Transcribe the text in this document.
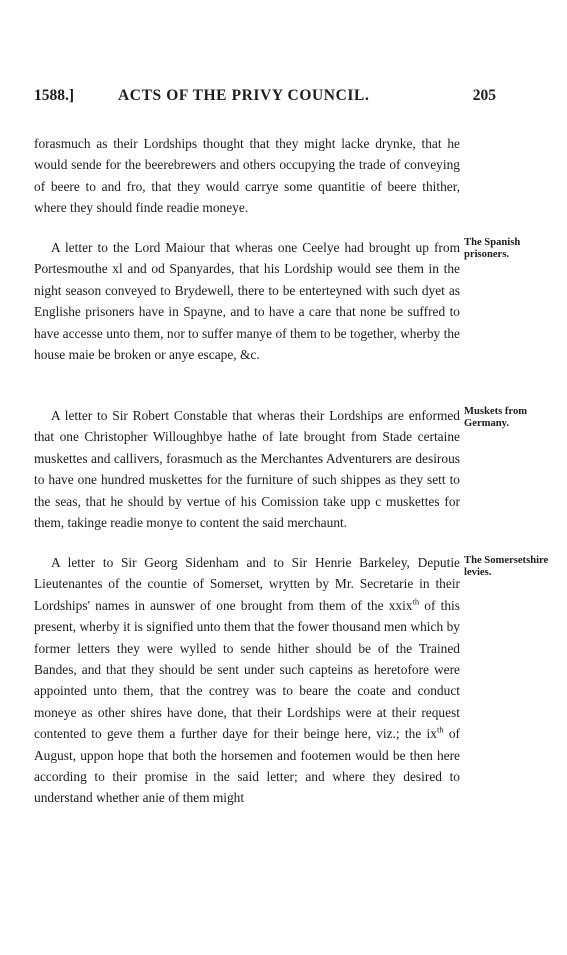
1588.]	ACTS OF THE PRIVY COUNCIL.	205

forasmuch as their Lordships thought that they might lacke drynke, that he would sende for the beerebrewers and others occupying the trade of conveying of beere to and fro, that they would carrye some quantitie of beere thither, where they should finde readie moneye.

A letter to the Lord Maiour that wheras one Ceelye had brought up from Portesmouthe xl and od Spanyardes, that his Lordship would see them in the night season conveyed to Brydewell, there to be enterteyned with such dyet as Englishe prisoners have in Spayne, and to have a care that none be suffred to have accesse unto them, nor to suffer manye of them to be together, wherby the house maie be broken or anye escape, &c.

A letter to Sir Robert Constable that wheras their Lordships are enformed that one Christopher Willoughbye hathe of late brought from Stade certaine muskettes and callivers, forasmuch as the Merchantes Adventurers are desirous to have one hundred muskettes for the furniture of such shippes as they sett to the seas, that he should by vertue of his Comission take upp c muskettes for them, takinge readie monye to content the said merchaunt.

A letter to Sir Georg Sidenham and to Sir Henrie Barkeley, Deputie Lieutenantes of the countie of Somerset, wrytten by Mr. Secretarie in their Lordships' names in aunswer of one brought from them of the xxix$^{th}$ of this present, wherby it is signified unto them that the fower thousand men which by former letters they were wylled to sende hither should be of the Trained Bandes, and that they should be sent under such capteins as heretofore were appointed unto them, that the contrey was to beare the coate and conduct moneye as other shires have done, that their Lordships were at their request contented to geve them a further daye for their beinge here, viz.; the $ix^{th}$ of August, uppon hope that both the horsemen and footemen would be then here according to their promise in the said letter; and where they desired to understand whether anie of them might

The Spanish prisoners.
Muskets from Germany.
The Somersetshire levies.
